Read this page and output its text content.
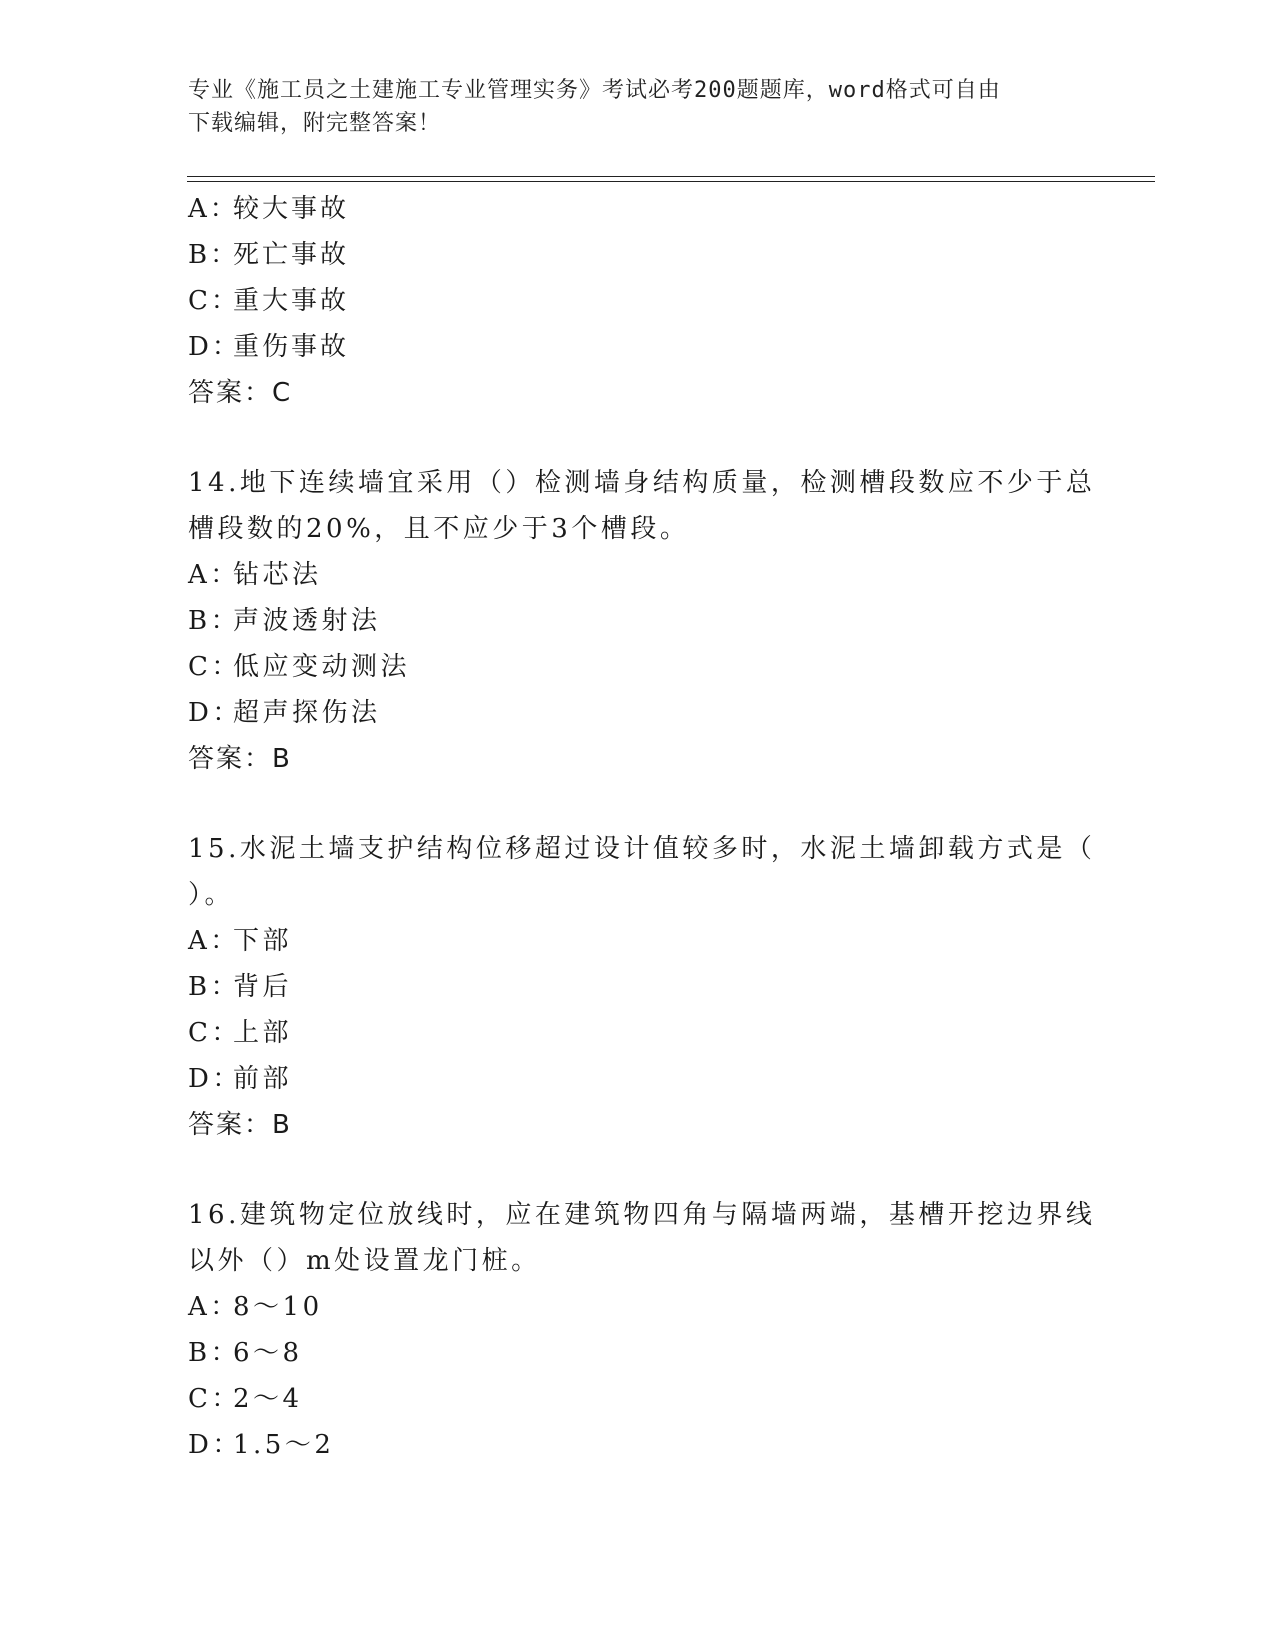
专业《施工员之土建施工专业管理实务》考试必考200题题库，word格式可自由
下载编辑，附完整答案！
A：较大事故
B：死亡事故
C：重大事故
D：重伤事故
答案：C
14.地下连续墙宜采用（）检测墙身结构质量，检测槽段数应不少于总
槽段数的20%，且不应少于3个槽段。
A：钻芯法
B：声波透射法
C：低应变动测法
D：超声探伤法
答案：B
15.水泥土墙支护结构位移超过设计值较多时，水泥土墙卸载方式是（
）。
A：下部
B：背后
C：上部
D：前部
答案：B
16.建筑物定位放线时，应在建筑物四角与隔墙两端，基槽开挖边界线
以外（）m处设置龙门桩。
A：8～10
B：6～8
C：2～4
D：1.5～2
